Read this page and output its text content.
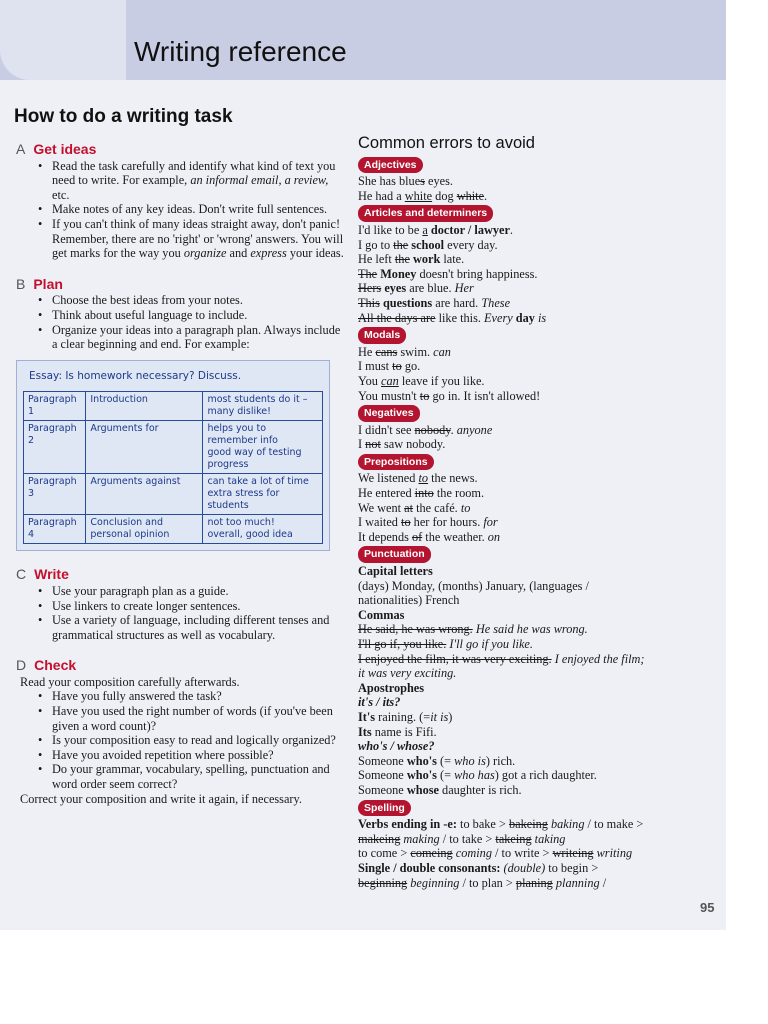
Writing reference
How to do a writing task
A Get ideas
• Read the task carefully and identify what kind of text you need to write. For example, an informal email, a review, etc.
• Make notes of any key ideas. Don't write full sentences.
• If you can't think of many ideas straight away, don't panic! Remember, there are no 'right' or 'wrong' answers. You will get marks for the way you organize and express your ideas.
B Plan
• Choose the best ideas from your notes.
• Think about useful language to include.
• Organize your ideas into a paragraph plan. Always include a clear beginning and end. For example:
Essay: Is homework necessary? Discuss.
Paragraph 1	Introduction	most students do it – many dislike!
Paragraph 2	Arguments for	helps you to remember info
good way of testing progress
Paragraph 3	Arguments against	can take a lot of time
extra stress for students
Paragraph 4	Conclusion and personal opinion	not too much!
overall, good idea
C Write
• Use your paragraph plan as a guide.
• Use linkers to create longer sentences.
• Use a variety of language, including different tenses and grammatical structures as well as vocabulary.
D Check
Read your composition carefully afterwards.
• Have you fully answered the task?
• Have you used the right number of words (if you've been given a word count)?
• Is your composition easy to read and logically organized?
• Have you avoided repetition where possible?
• Do your grammar, vocabulary, spelling, punctuation and word order seem correct?
Correct your composition and write it again, if necessary.
Common errors to avoid
Adjectives
She has blues eyes.
He had a white dog white.
Articles and determiners
I'd like to be a doctor / lawyer.
I go to the school every day.
He left the work late.
The Money doesn't bring happiness.
Hers eyes are blue. Her
This questions are hard. These
All the days are like this. Every day is
Modals
He cans swim. can
I must to go.
You can leave if you like.
You mustn't to go in. It isn't allowed!
Negatives
I didn't see nobody. anyone
I not saw nobody.
Prepositions
We listened to the news.
He entered into the room.
We went at the café. to
I waited to her for hours. for
It depends of the weather. on
Punctuation
Capital letters
(days) Monday, (months) January, (languages /
nationalities) French
Commas
He said, he was wrong. He said he was wrong.
I'll go if, you like. I'll go if you like.
I enjoyed the film, it was very exciting. I enjoyed the film;
it was very exciting.
Apostrophes
it's / its?
It's raining. (=it is)
Its name is Fifi.
who's / whose?
Someone who's (= who is) rich.
Someone who's (= who has) got a rich daughter.
Someone whose daughter is rich.
Spelling
Verbs ending in -e: to bake > bakeing baking / to make >
makeing making / to take > takeing taking
to come > comeing coming / to write > writeing writing
Single / double consonants: (double) to begin >
beginning beginning / to plan > planing planning /
95
